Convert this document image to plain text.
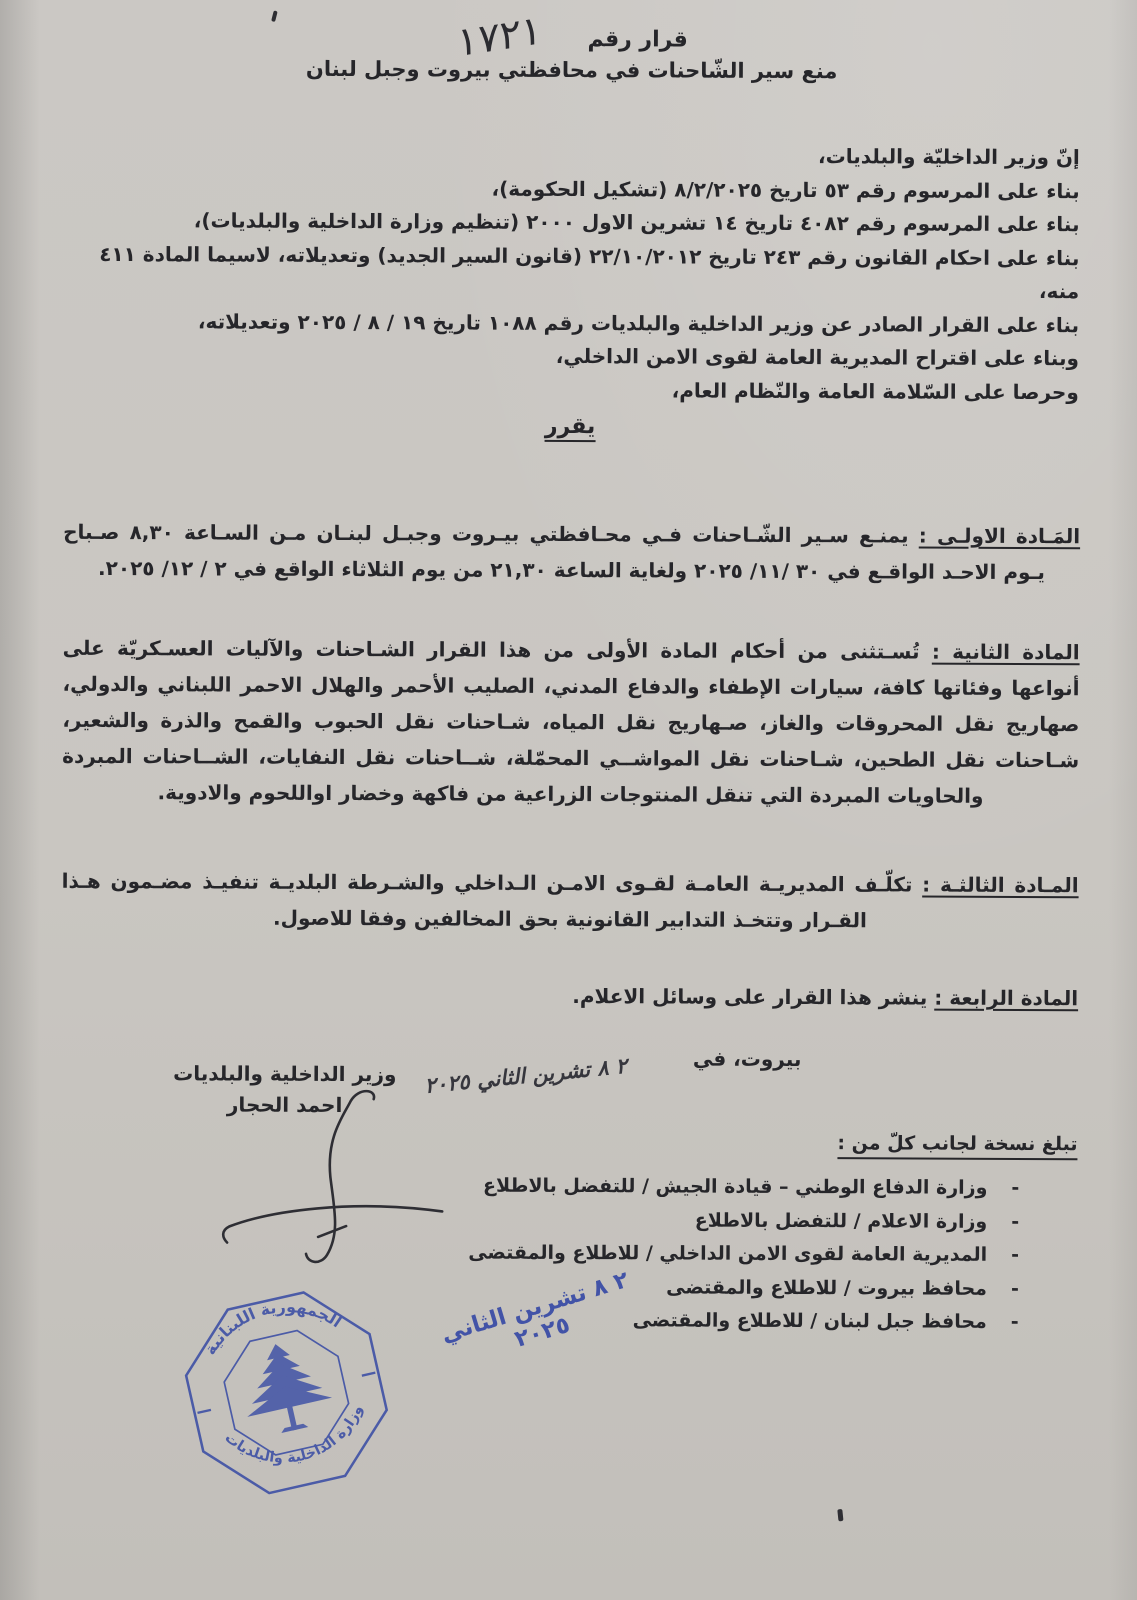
قرار رقم ١٧٢١
منع سير الشّاحنات في محافظتي بيروت وجبل لبنان
إنّ وزير الداخليّة والبلديات،
بناء على المرسوم رقم ٥٣ تاريخ ٨/٢/٢٠٢٥ (تشكيل الحكومة)،
بناء على المرسوم رقم ٤٠٨٢ تاريخ ١٤ تشرين الاول ٢٠٠٠ (تنظيم وزارة الداخلية والبلديات)،
بناء على احكام القانون رقم ٢٤٣ تاريخ ٢٢/١٠/٢٠١٢ (قانون السير الجديد) وتعديلاته، لاسيما المادة ٤١١ منه،
بناء على القرار الصادر عن وزير الداخلية والبلديات رقم ١٠٨٨ تاريخ ١٩ / ٨ / ٢٠٢٥ وتعديلاته،
وبناء على اقتراح المديرية العامة لقوى الامن الداخلي،
وحرصا على السّلامة العامة والنّظام العام،
يقرر

المَـادة الاولـى : يمنـع سـير الشّـاحنات فـي محـافظتي بيـروت وجبـل لبنـان مـن السـاعة ٨,٣٠ صـباح يـوم الاحـد الواقـع في ٣٠ /١١/ ٢٠٢٥ ولغاية الساعة ٢١,٣٠ من يوم الثلاثاء الواقع في ٢ / ١٢/ ٢٠٢٥.

المادة الثانية : تُسـتثنى من أحكام المادة الأولى من هذا القرار الشـاحنات والآليات العسـكريّة على أنواعها وفئاتها كافة، سيارات الإطفاء والدفاع المدني، الصليب الأحمر والهلال الاحمر اللبناني والدولي، صهاريج نقل المحروقات والغاز، صـهاريج نقل المياه، شـاحنات نقل الحبوب والقمح والذرة والشعير، شـاحنات نقل الطحين، شـاحنات نقل المواشــي المحمّلة، شــاحنات نقل النفايات، الشــاحنات المبردة والحاويات المبردة التي تنقل المنتوجات الزراعية من فاكهة وخضار اواللحوم والادوية.

المـادة الثالثـة : تكلّـف المديريـة العامـة لقـوى الامـن الـداخلي والشـرطة البلديـة تنفيـذ مضـمون هـذا القـرار وتتخـذ التدابير القانونية بحق المخالفين وفقا للاصول.

المادة الرابعة : ينشر هذا القرار على وسائل الاعلام.

بيروت، في
٢ ٨ تشرين الثاني ٢٠٢٥
وزير الداخلية والبلديات
احمد الحجار
تبلغ نسخة لجانب كلّ من :
-
وزارة الدفاع الوطني – قيادة الجيش / للتفضل بالاطلاع
-
وزارة الاعلام / للتفضل بالاطلاع
-
المديرية العامة لقوى الامن الداخلي / للاطلاع والمقتضى
-
محافظ بيروت / للاطلاع والمقتضى
-
محافظ جبل لبنان / للاطلاع والمقتضى
الجمهورية اللبنانية
وزارة الداخلية والبلديات
٢ ٨ تشرين الثاني ٢٠٢٥
